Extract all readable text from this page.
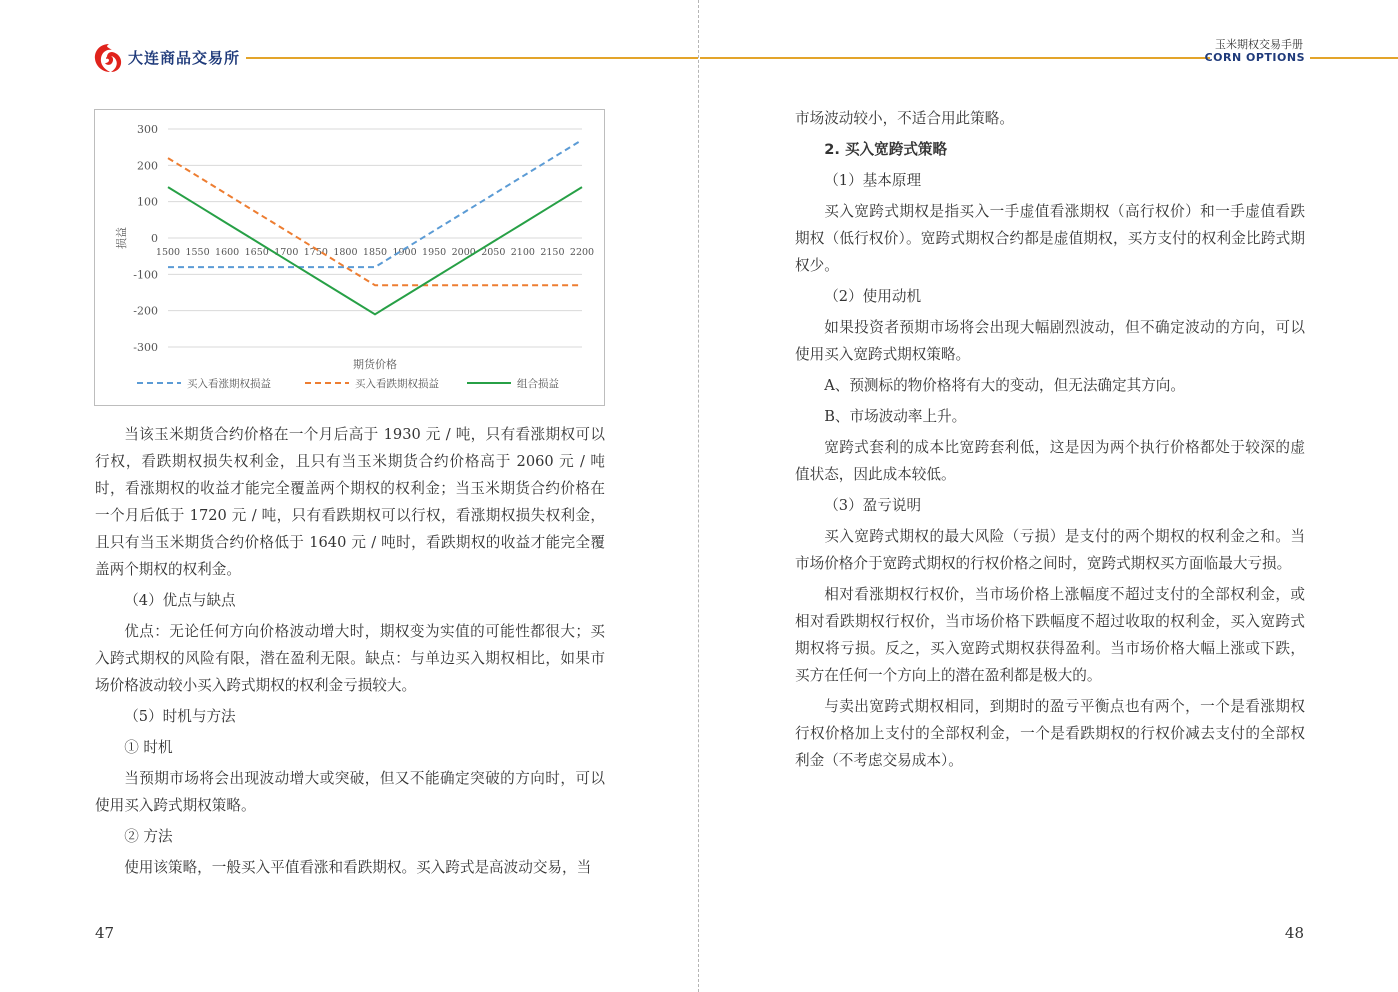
大连商品交易所
玉米期权交易手册
CORN OPTIONS
300
200
100
0
-100
-200
-300
1500 1550 1600 1650 1700 1750 1800 1850 1900 1950 2000 2050 2100 2150 2200
损益
期货价格
买入看涨期权损益	买入看跌期权损益	组合损益

当该玉米期货合约价格在一个月后高于 1930 元 / 吨，只有看涨期权可以行权，看跌期权损失权利金，且只有当玉米期货合约价格高于 2060 元 / 吨时，看涨期权的收益才能完全覆盖两个期权的权利金；当玉米期货合约价格在一个月后低于 1720 元 / 吨，只有看跌期权可以行权，看涨期权损失权利金，且只有当玉米期货合约价格低于 1640 元 / 吨时，看跌期权的收益才能完全覆盖两个期权的权利金。

（4）优点与缺点

优点：无论任何方向价格波动增大时，期权变为实值的可能性都很大；买入跨式期权的风险有限，潜在盈利无限。缺点：与单边买入期权相比，如果市场价格波动较小买入跨式期权的权利金亏损较大。

（5）时机与方法

① 时机

当预期市场将会出现波动增大或突破，但又不能确定突破的方向时，可以使用买入跨式期权策略。

② 方法

使用该策略，一般买入平值看涨和看跌期权。买入跨式是高波动交易，当

47

市场波动较小，不适合用此策略。

2. 买入宽跨式策略

（1）基本原理

买入宽跨式期权是指买入一手虚值看涨期权（高行权价）和一手虚值看跌期权（低行权价）。宽跨式期权合约都是虚值期权，买方支付的权利金比跨式期权少。

（2）使用动机

如果投资者预期市场将会出现大幅剧烈波动，但不确定波动的方向，可以使用买入宽跨式期权策略。

A、预测标的物价格将有大的变动，但无法确定其方向。

B、市场波动率上升。

宽跨式套利的成本比宽跨套利低，这是因为两个执行价格都处于较深的虚值状态，因此成本较低。

（3）盈亏说明

买入宽跨式期权的最大风险（亏损）是支付的两个期权的权利金之和。当市场价格介于宽跨式期权的行权价格之间时，宽跨式期权买方面临最大亏损。

相对看涨期权行权价，当市场价格上涨幅度不超过支付的全部权利金，或相对看跌期权行权价，当市场价格下跌幅度不超过收取的权利金，买入宽跨式期权将亏损。反之，买入宽跨式期权获得盈利。当市场价格大幅上涨或下跌，买方在任何一个方向上的潜在盈利都是极大的。

与卖出宽跨式期权相同，到期时的盈亏平衡点也有两个，一个是看涨期权行权价格加上支付的全部权利金，一个是看跌期权的行权价减去支付的全部权利金（不考虑交易成本）。

48
